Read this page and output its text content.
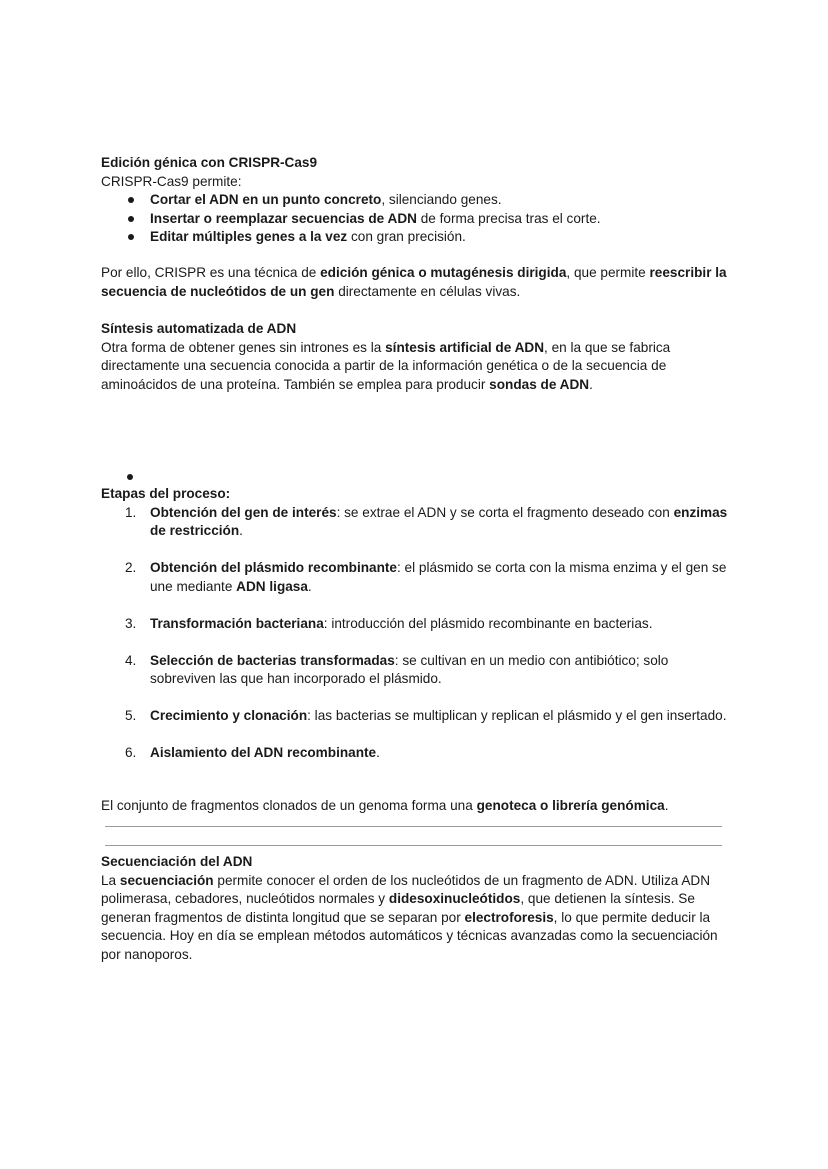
Edición génica con CRISPR-Cas9

CRISPR-Cas9 permite:

Cortar el ADN en un punto concreto, silenciando genes.
Insertar o reemplazar secuencias de ADN de forma precisa tras el corte.
Editar múltiples genes a la vez con gran precisión.

Por ello, CRISPR es una técnica de edición génica o mutagénesis dirigida, que permite reescribir la secuencia de nucleótidos de un gen directamente en células vivas.

Síntesis automatizada de ADN

Otra forma de obtener genes sin intrones es la síntesis artificial de ADN, en la que se fabrica directamente una secuencia conocida a partir de la información genética o de la secuencia de aminoácidos de una proteína. También se emplea para producir sondas de ADN.

Etapas del proceso:

1. Obtención del gen de interés: se extrae el ADN y se corta el fragmento deseado con enzimas de restricción.
2. Obtención del plásmido recombinante: el plásmido se corta con la misma enzima y el gen se une mediante ADN ligasa.
3. Transformación bacteriana: introducción del plásmido recombinante en bacterias.
4. Selección de bacterias transformadas: se cultivan en un medio con antibiótico; solo sobreviven las que han incorporado el plásmido.
5. Crecimiento y clonación: las bacterias se multiplican y replican el plásmido y el gen insertado.
6. Aislamiento del ADN recombinante.

El conjunto de fragmentos clonados de un genoma forma una genoteca o librería genómica.

Secuenciación del ADN

La secuenciación permite conocer el orden de los nucleótidos de un fragmento de ADN. Utiliza ADN polimerasa, cebadores, nucleótidos normales y didesoxinucleótidos, que detienen la síntesis. Se generan fragmentos de distinta longitud que se separan por electroforesis, lo que permite deducir la secuencia. Hoy en día se emplean métodos automáticos y técnicas avanzadas como la secuenciación por nanoporos.
